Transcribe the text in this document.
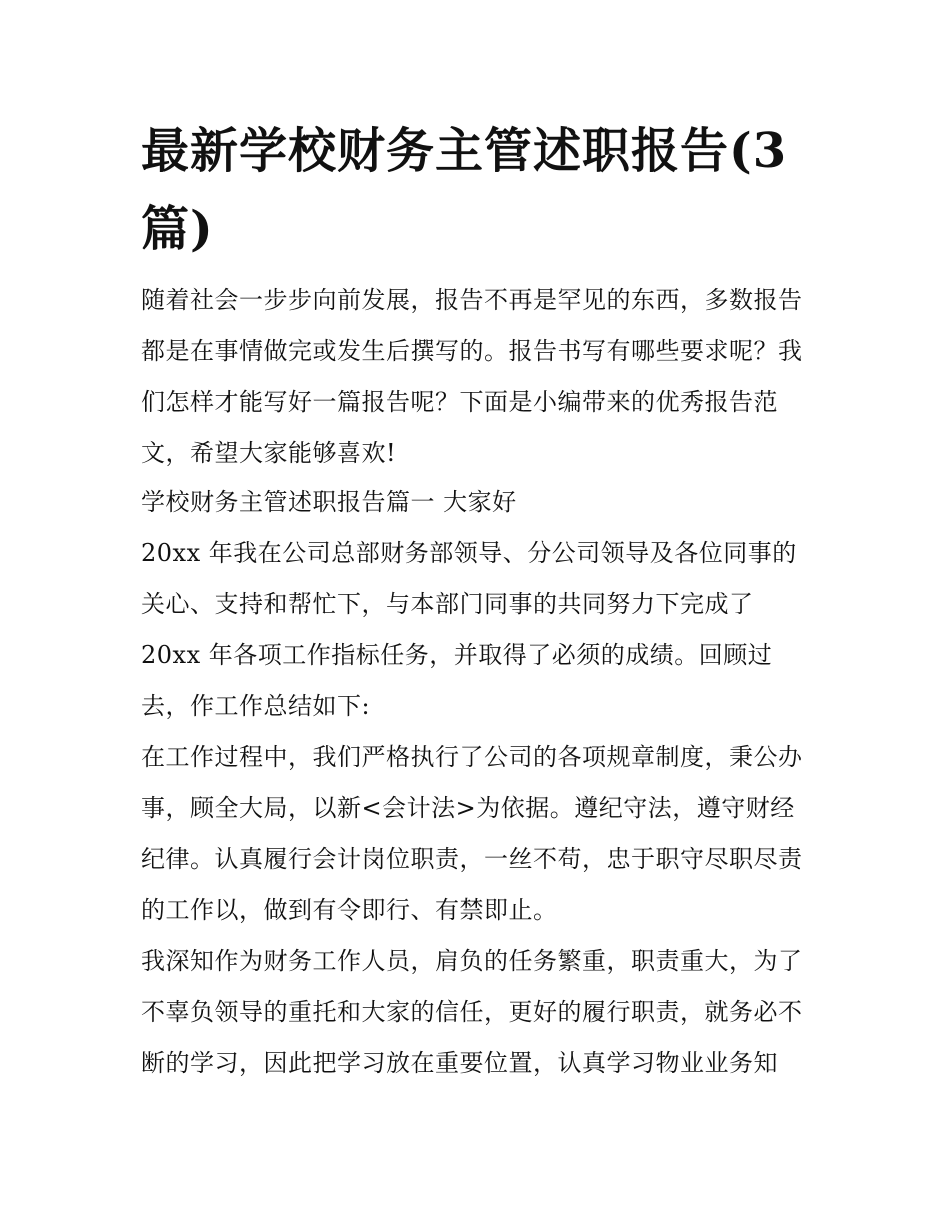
最新学校财务主管述职报告(3
篇)

随着社会一步步向前发展，报告不再是罕见的东西，多数报告

都是在事情做完或发生后撰写的。报告书写有哪些要求呢？我

们怎样才能写好一篇报告呢？下面是小编带来的优秀报告范

文，希望大家能够喜欢!

学校财务主管述职报告篇一 大家好

20xx 年我在公司总部财务部领导、分公司领导及各位同事的

关心、支持和帮忙下，与本部门同事的共同努力下完成了

20xx 年各项工作指标任务，并取得了必须的成绩。回顾过

去，作工作总结如下:

在工作过程中，我们严格执行了公司的各项规章制度，秉公办

事，顾全大局，以新<会计法>为依据。遵纪守法，遵守财经

纪律。认真履行会计岗位职责，一丝不苟，忠于职守尽职尽责

的工作以，做到有令即行、有禁即止。

我深知作为财务工作人员，肩负的任务繁重，职责重大，为了

不辜负领导的重托和大家的信任，更好的履行职责，就务必不

断的学习，因此把学习放在重要位置，认真学习物业业务知
